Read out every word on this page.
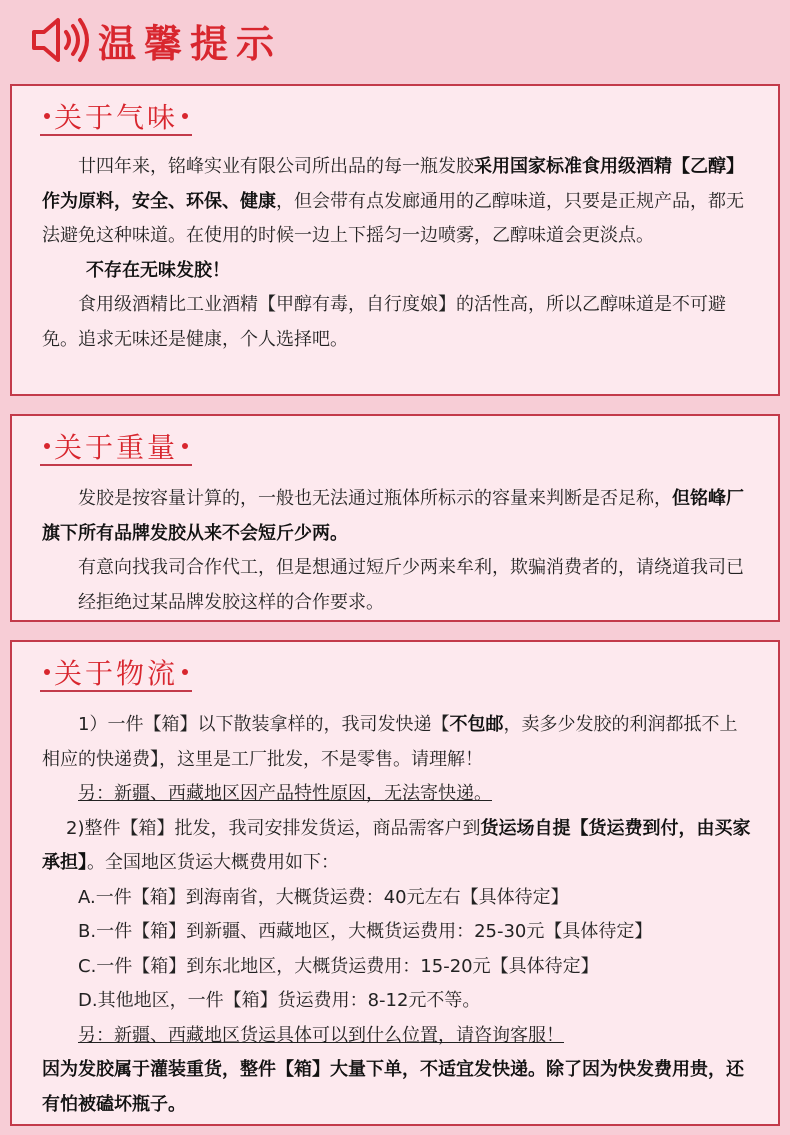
温馨提示
关于气味

廿四年来，铭峰实业有限公司所出品的每一瓶发胶采用国家标准食用级酒精【乙醇】作为原料，安全、环保、健康，但会带有点发廊通用的乙醇味道，只要是正规产品，都无法避免这种味道。在使用的时候一边上下摇匀一边喷雾，乙醇味道会更淡点。

不存在无味发胶！

食用级酒精比工业酒精【甲醇有毒，自行度娘】的活性高，所以乙醇味道是不可避免。追求无味还是健康，个人选择吧。

关于重量

发胶是按容量计算的，一般也无法通过瓶体所标示的容量来判断是否足称，但铭峰厂旗下所有品牌发胶从来不会短斤少两。

有意向找我司合作代工，但是想通过短斤少两来牟利，欺骗消费者的，请绕道我司已经拒绝过某品牌发胶这样的合作要求。

关于物流

1）一件【箱】以下散装拿样的，我司发快递【不包邮，卖多少发胶的利润都抵不上相应的快递费】，这里是工厂批发，不是零售。请理解！

另：新疆、西藏地区因产品特性原因，无法寄快递。

2)整件【箱】批发，我司安排发货运，商品需客户到货运场自提【货运费到付，由买家承担】。全国地区货运大概费用如下：

A.一件【箱】到海南省，大概货运费：40元左右【具体待定】

B.一件【箱】到新疆、西藏地区，大概货运费用：25-30元【具体待定】

C.一件【箱】到东北地区，大概货运费用：15-20元【具体待定】

D.其他地区，一件【箱】货运费用：8-12元不等。

另：新疆、西藏地区货运具体可以到什么位置，请咨询客服！

因为发胶属于灌装重货，整件【箱】大量下单，不适宜发快递。除了因为快发费用贵，还有怕被磕坏瓶子。
